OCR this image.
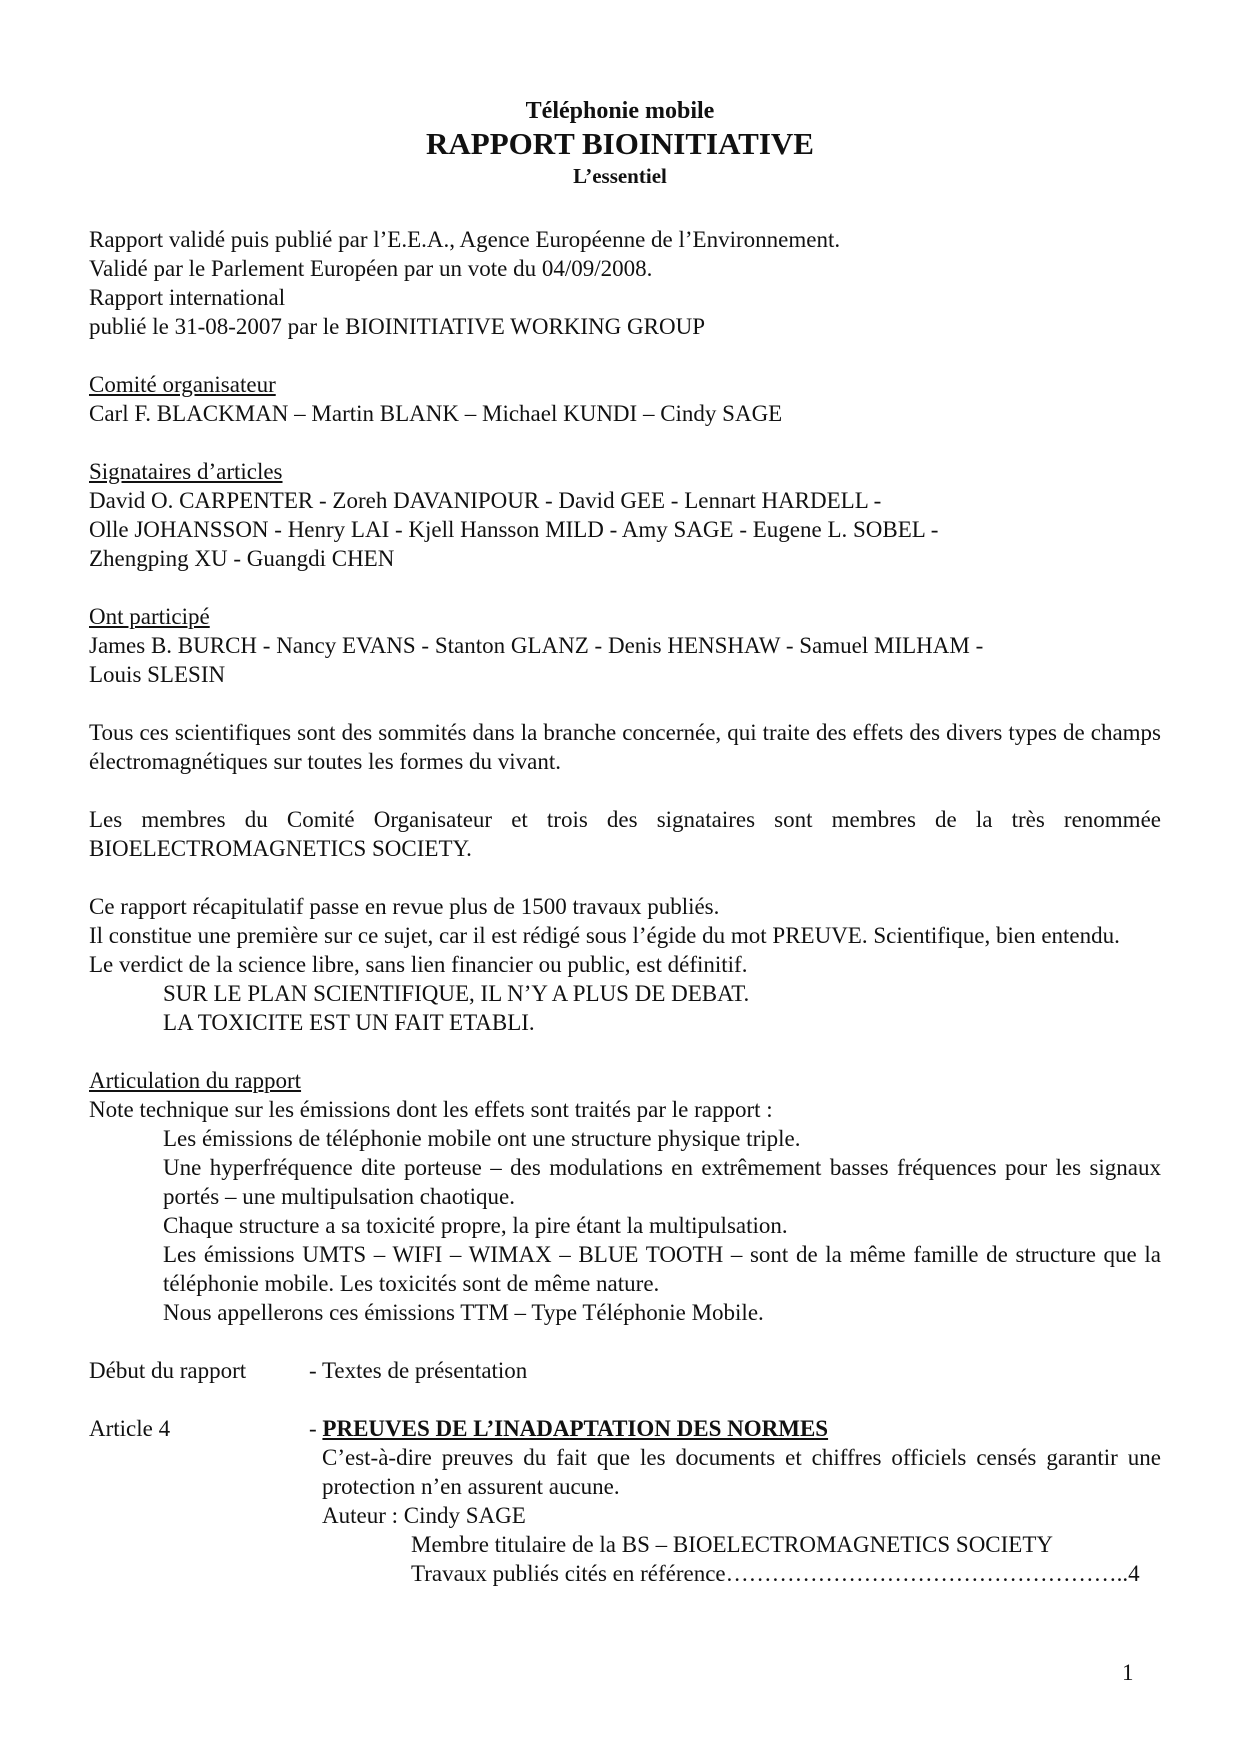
Téléphonie mobile
RAPPORT BIOINITIATIVE
L’essentiel
Rapport validé puis publié par l’E.E.A., Agence Européenne de l’Environnement.
Validé par le Parlement Européen par un vote du 04/09/2008.
Rapport international
publié le 31-08-2007 par le BIOINITIATIVE WORKING GROUP
Comité organisateur
Carl F. BLACKMAN – Martin BLANK – Michael KUNDI – Cindy SAGE
Signataires d’articles
David O. CARPENTER - Zoreh DAVANIPOUR - David GEE - Lennart HARDELL -
Olle JOHANSSON - Henry LAI - Kjell Hansson MILD - Amy SAGE - Eugene L. SOBEL -
Zhengping XU - Guangdi CHEN
Ont participé
James B. BURCH - Nancy EVANS - Stanton GLANZ - Denis HENSHAW - Samuel MILHAM -
Louis SLESIN
Tous ces scientifiques sont des sommités dans la branche concernée, qui traite des effets des divers types de champs électromagnétiques sur toutes les formes du vivant.
Les membres du Comité Organisateur et trois des signataires sont membres de la très renommée BIOELECTROMAGNETICS SOCIETY.
Ce rapport récapitulatif passe en revue plus de 1500 travaux publiés.
Il constitue une première sur ce sujet, car il est rédigé sous l’égide du mot PREUVE. Scientifique, bien entendu.
Le verdict de la science libre, sans lien financier ou public, est définitif.
SUR LE PLAN SCIENTIFIQUE, IL N’Y A PLUS DE DEBAT.
LA TOXICITE EST UN FAIT ETABLI.
Articulation du rapport
Note technique sur les émissions dont les effets sont traités par le rapport :
Les émissions de téléphonie mobile ont une structure physique triple.
Une hyperfréquence dite porteuse – des modulations en extrêmement basses fréquences pour les signaux portés – une multipulsation chaotique.
Chaque structure a sa toxicité propre, la pire étant la multipulsation.
Les émissions UMTS – WIFI – WIMAX – BLUE TOOTH – sont de la même famille de structure que la téléphonie mobile. Les toxicités sont de même nature.
Nous appellerons ces émissions TTM – Type Téléphonie Mobile.
Début du rapport	- Textes de présentation
Article 4	- PREUVES DE L’INADAPTATION DES NORMES
C’est-à-dire preuves du fait que les documents et chiffres officiels censés garantir une protection n’en assurent aucune.
Auteur : Cindy SAGE
Membre titulaire de la BS – BIOELECTROMAGNETICS SOCIETY
Travaux publiés cités en référence……………………………………………..4
1
